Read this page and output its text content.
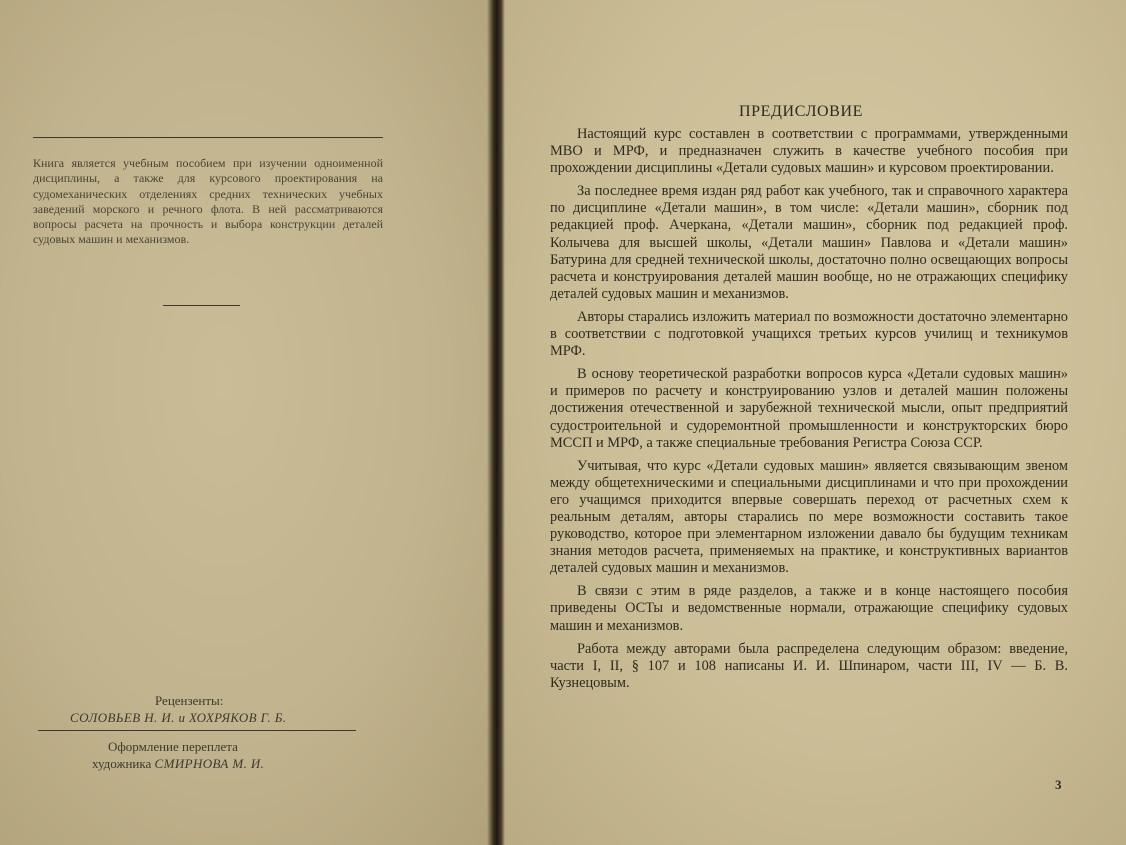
Книга является учебным пособием при изучении одноименной дисциплины, а также для курсового проектирования на судомеханических отделениях средних технических учебных заведений морского и речного флота. В ней рассматриваются вопросы расчета на прочность и выбора конструкции деталей судовых машин и механизмов.
Рецензенты:
СОЛОВЬЕВ Н. И. и ХОХРЯКОВ Г. Б.
Оформление переплета
художника СМИРНОВА М. И.
ПРЕДИСЛОВИЕ

Настоящий курс составлен в соответствии с программами, утвержденными МВО и МРФ, и предназначен служить в качестве учебного пособия при прохождении дисциплины «Детали судовых машин» и курсовом проектировании.

За последнее время издан ряд работ как учебного, так и справочного характера по дисциплине «Детали машин», в том числе: «Детали машин», сборник под редакцией проф. Ачеркана, «Детали машин», сборник под редакцией проф. Колычева для высшей школы, «Детали машин» Павлова и «Детали машин» Батурина для средней технической школы, достаточно полно освещающих вопросы расчета и конструирования деталей машин вообще, но не отражающих специфику деталей судовых машин и механизмов.

Авторы старались изложить материал по возможности достаточно элементарно в соответствии с подготовкой учащихся третьих курсов училищ и техникумов МРФ.

В основу теоретической разработки вопросов курса «Детали судовых машин» и примеров по расчету и конструированию узлов и деталей машин положены достижения отечественной и зарубежной технической мысли, опыт предприятий судостроительной и судоремонтной промышленности и конструкторских бюро МССП и МРФ, а также специальные требования Регистра Союза ССР.

Учитывая, что курс «Детали судовых машин» является связывающим звеном между общетехническими и специальными дисциплинами и что при прохождении его учащимся приходится впервые совершать переход от расчетных схем к реальным деталям, авторы старались по мере возможности составить такое руководство, которое при элементарном изложении давало бы будущим техникам знания методов расчета, применяемых на практике, и конструктивных вариантов деталей судовых машин и механизмов.

В связи с этим в ряде разделов, а также и в конце настоящего пособия приведены ОСТы и ведомственные нормали, отражающие специфику судовых машин и механизмов.

Работа между авторами была распределена следующим образом: введение, части I, II, § 107 и 108 написаны И. И. Шпинаром, части III, IV — Б. В. Кузнецовым.

3
